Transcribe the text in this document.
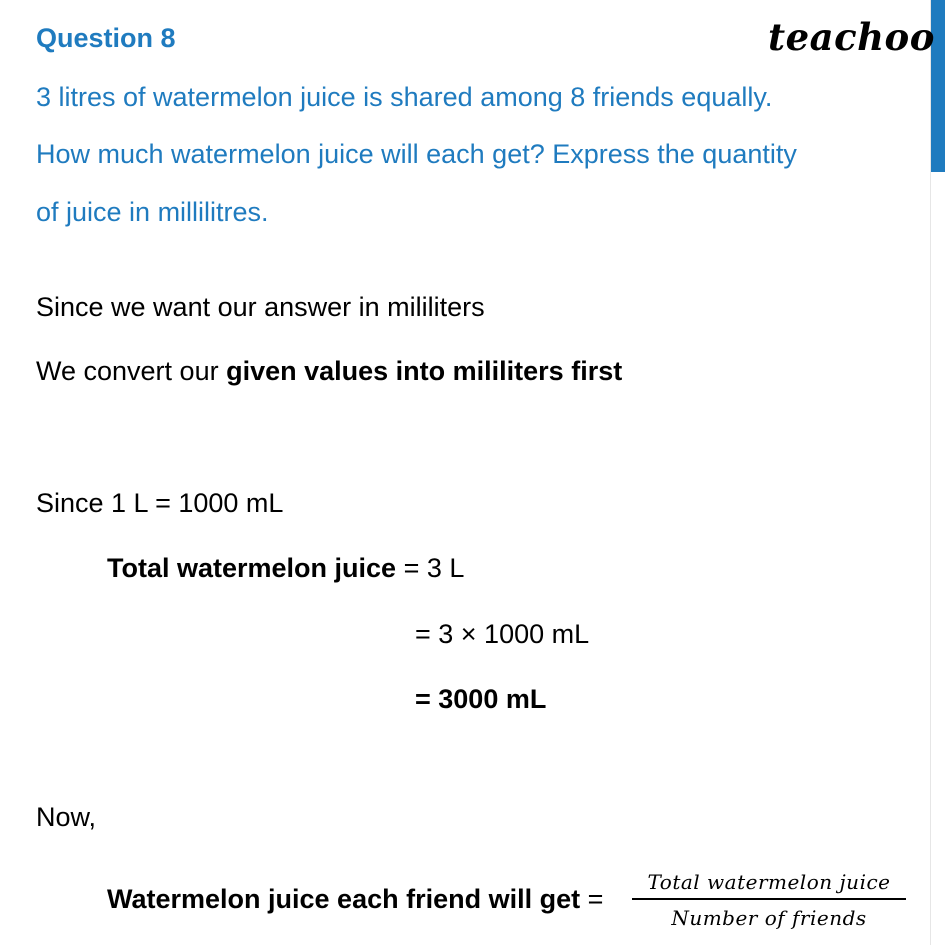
teachoo
Question 8
3 litres of watermelon juice is shared among 8 friends equally.
How much watermelon juice will each get? Express the quantity
of juice in millilitres.
Since we want our answer in mililiters
We convert our given values into mililiters first
Since 1 L = 1000 mL
Total watermelon juice = 3 L
= 3 × 1000 mL
= 3000 mL
Now,
Watermelon juice each friend will get =
Total watermelon juice
Number of friends
